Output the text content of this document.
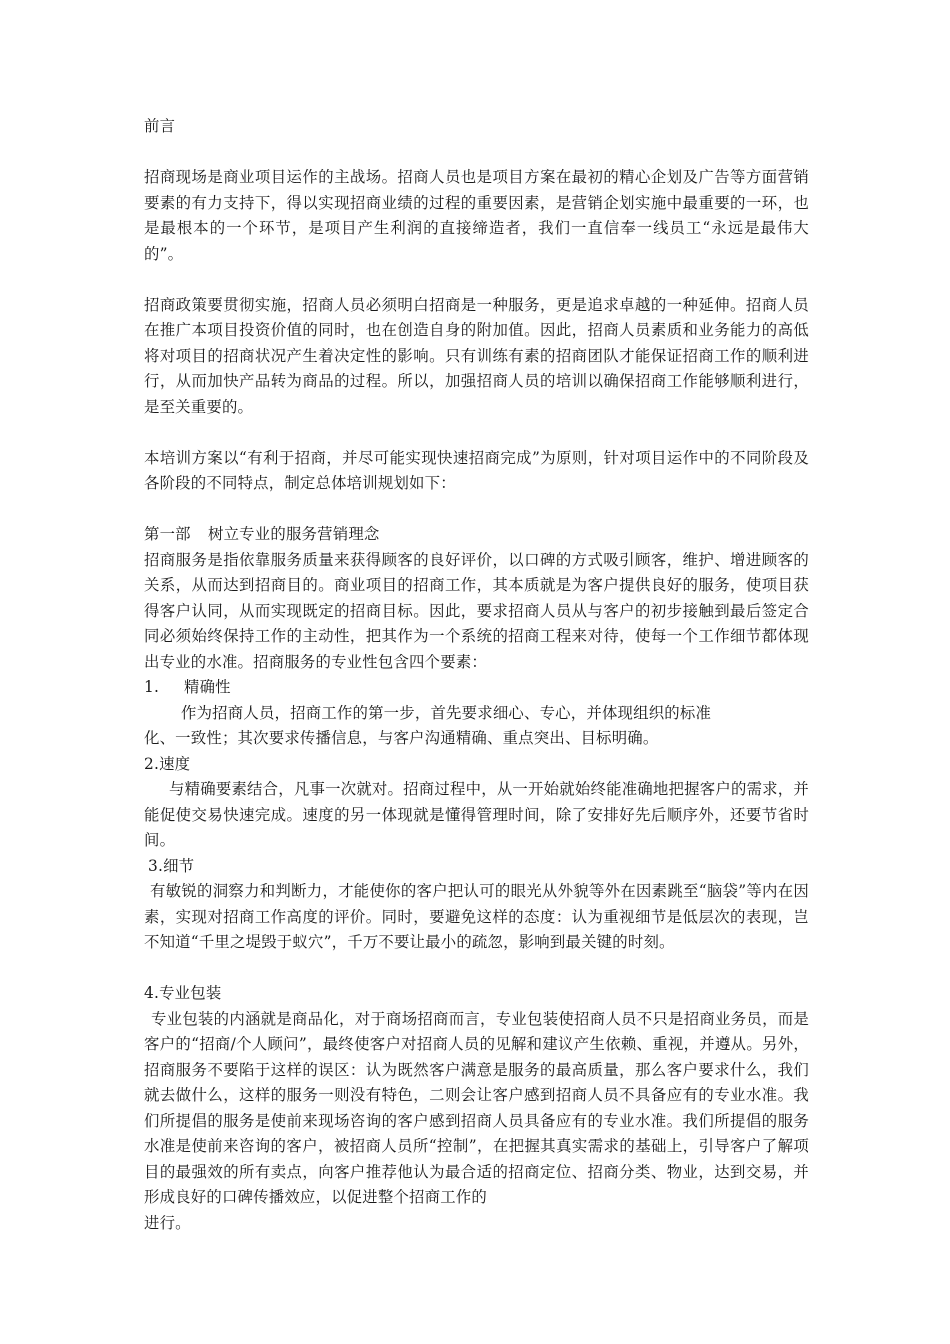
前言

招商现场是商业项目运作的主战场。招商人员也是项目方案在最初的精心企划及广告等方面营销要素的有力支持下，得以实现招商业绩的过程的重要因素，是营销企划实施中最重要的一环，也是最根本的一个环节，是项目产生利润的直接缔造者，我们一直信奉一线员工“永远是最伟大的”。

招商政策要贯彻实施，招商人员必须明白招商是一种服务，更是追求卓越的一种延伸。招商人员在推广本项目投资价值的同时，也在创造自身的附加值。因此，招商人员素质和业务能力的高低将对项目的招商状况产生着决定性的影响。只有训练有素的招商团队才能保证招商工作的顺利进行，从而加快产品转为商品的过程。所以，加强招商人员的培训以确保招商工作能够顺利进行，是至关重要的。

本培训方案以“有利于招商，并尽可能实现快速招商完成”为原则，针对项目运作中的不同阶段及各阶段的不同特点，制定总体培训规划如下：

第一部 树立专业的服务营销理念

招商服务是指依靠服务质量来获得顾客的良好评价，以口碑的方式吸引顾客，维护、增进顾客的关系，从而达到招商目的。商业项目的招商工作，其本质就是为客户提供良好的服务，使项目获得客户认同，从而实现既定的招商目标。因此，要求招商人员从与客户的初步接触到最后签定合同必须始终保持工作的主动性，把其作为一个系统的招商工程来对待，使每一个工作细节都体现出专业的水准。招商服务的专业性包含四个要素：

1. 精确性

作为招商人员，招商工作的第一步，首先要求细心、专心，并体现组织的标准

化、一致性；其次要求传播信息，与客户沟通精确、重点突出、目标明确。

2.速度

与精确要素结合，凡事一次就对。招商过程中，从一开始就始终能准确地把握客户的需求，并能促使交易快速完成。速度的另一体现就是懂得管理时间，除了安排好先后顺序外，还要节省时间。

3.细节

有敏锐的洞察力和判断力，才能使你的客户把认可的眼光从外貌等外在因素跳至“脑袋”等内在因素，实现对招商工作高度的评价。同时，要避免这样的态度：认为重视细节是低层次的表现，岂不知道“千里之堤毁于蚁穴”，千万不要让最小的疏忽，影响到最关键的时刻。

4.专业包装

专业包装的内涵就是商品化，对于商场招商而言，专业包装使招商人员不只是招商业务员，而是客户的“招商/个人顾问”，最终使客户对招商人员的见解和建议产生依赖、重视，并遵从。另外，招商服务不要陷于这样的误区：认为既然客户满意是服务的最高质量，那么客户要求什么，我们就去做什么，这样的服务一则没有特色，二则会让客户感到招商人员不具备应有的专业水准。我们所提倡的服务是使前来现场咨询的客户感到招商人员具备应有的专业水准。我们所提倡的服务水准是使前来咨询的客户，被招商人员所“控制”，在把握其真实需求的基础上，引导客户了解项目的最强效的所有卖点，向客户推荐他认为最合适的招商定位、招商分类、物业，达到交易，并形成良好的口碑传播效应，以促进整个招商工作的

进行。
